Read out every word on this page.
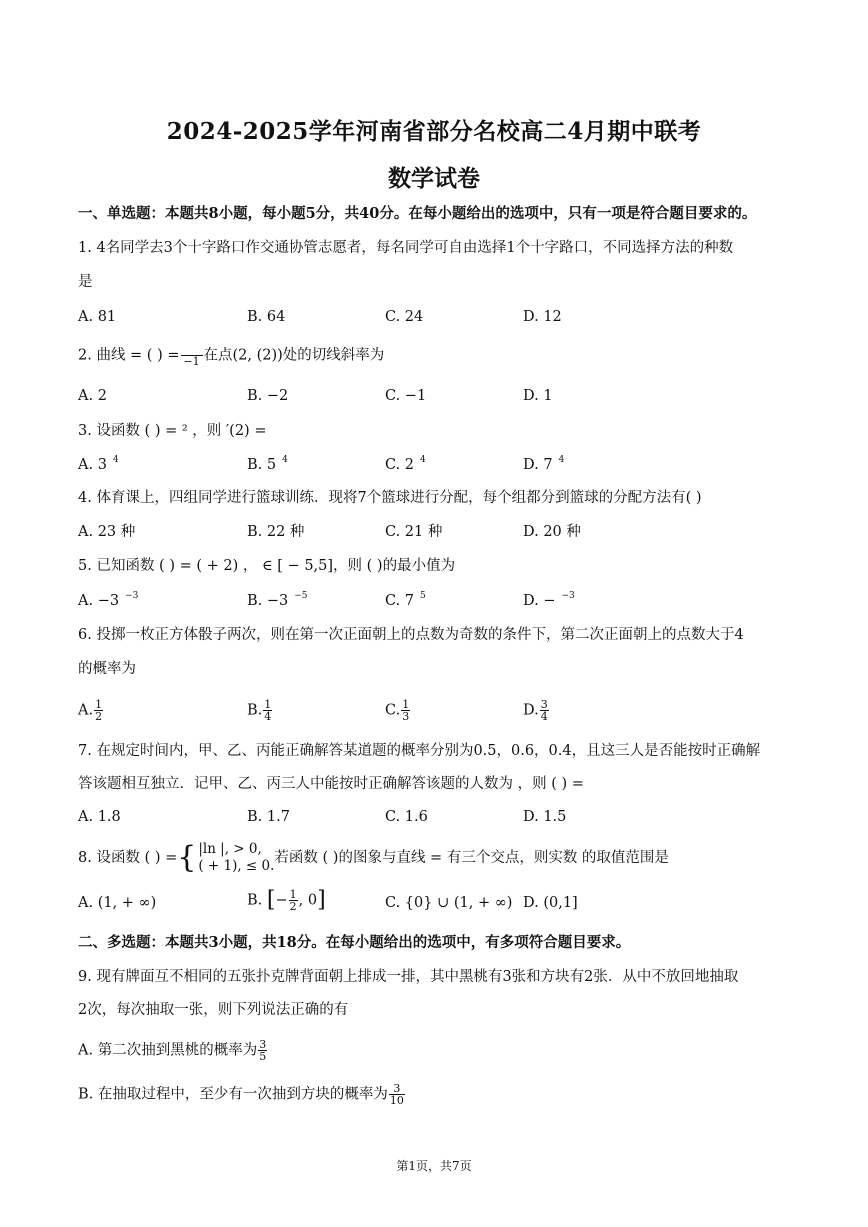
2024-2025学年河南省部分名校高二4月期中联考
数学试卷
一、单选题：本题共8小题，每小题5分，共40分。在每小题给出的选项中，只有一项是符合题目要求的。
1. 4名同学去3个十字路口作交通协管志愿者，每名同学可自由选择1个十字路口，不同选择方法的种数
是
A. 81	B. 64	C. 24	D. 12
2. 曲线 = ( ) =
−1 在点(2, (2))处的切线斜率为
A. 2	B. −2	C. −1	D. 1
3. 设函数 ( ) = ² ，则 ′(2) =
A. 3 $^4$	B. 5 $^4$	C. 2 $^4$	D. 7 $^4$
4. 体育课上，四组同学进行篮球训练．现将7个篮球进行分配，每个组都分到篮球的分配方法有( )
A. 23 种	B. 22 种	C. 21 种	D. 20 种
5. 已知函数 ( ) = ( + 2) ， ∈ [ − 5,5]，则 ( )的最小值为
A. −3 $^{-3}$	B. −3 $^{-5}$	C. 7 $^5$	D. − $^{-3}$
6. 投掷一枚正方体骰子两次，则在第一次正面朝上的点数为奇数的条件下，第二次正面朝上的点数大于4
的概率为
A. $\frac{1}{2}$	B. $\frac{1}{4}$	C. $\frac{1}{3}$	D. $\frac{3}{4}$
7. 在规定时间内，甲、乙、丙能正确解答某道题的概率分别为0.5，0.6，0.4，且这三人是否能按时正确解
答该题相互独立．记甲、乙、丙三人中能按时正确解答该题的人数为 ，则 ( ) =
A. 1.8	B. 1.7	C. 1.6	D. 1.5
8. 设函数 ( ) ={ |ln |, > 0,
( + 1), ≤ 0. 若函数 ( )的图象与直线 = 有三个交点，则实数 的取值范围是
A. (1, + ∞)	B. [− $\frac{1}{2}$ , 0]	C. {0} ∪ (1, + ∞) D. (0,1]
二、多选题：本题共3小题，共18分。在每小题给出的选项中，有多项符合题目要求。
9. 现有牌面互不相同的五张扑克牌背面朝上排成一排，其中黑桃有3张和方块有2张．从中不放回地抽取
2次，每次抽取一张，则下列说法正确的有
A. 第二次抽到黑桃的概率为 $\frac{3}{5}$
B. 在抽取过程中，至少有一次抽到方块的概率为 $\frac{3}{10}$
第1页，共7页
